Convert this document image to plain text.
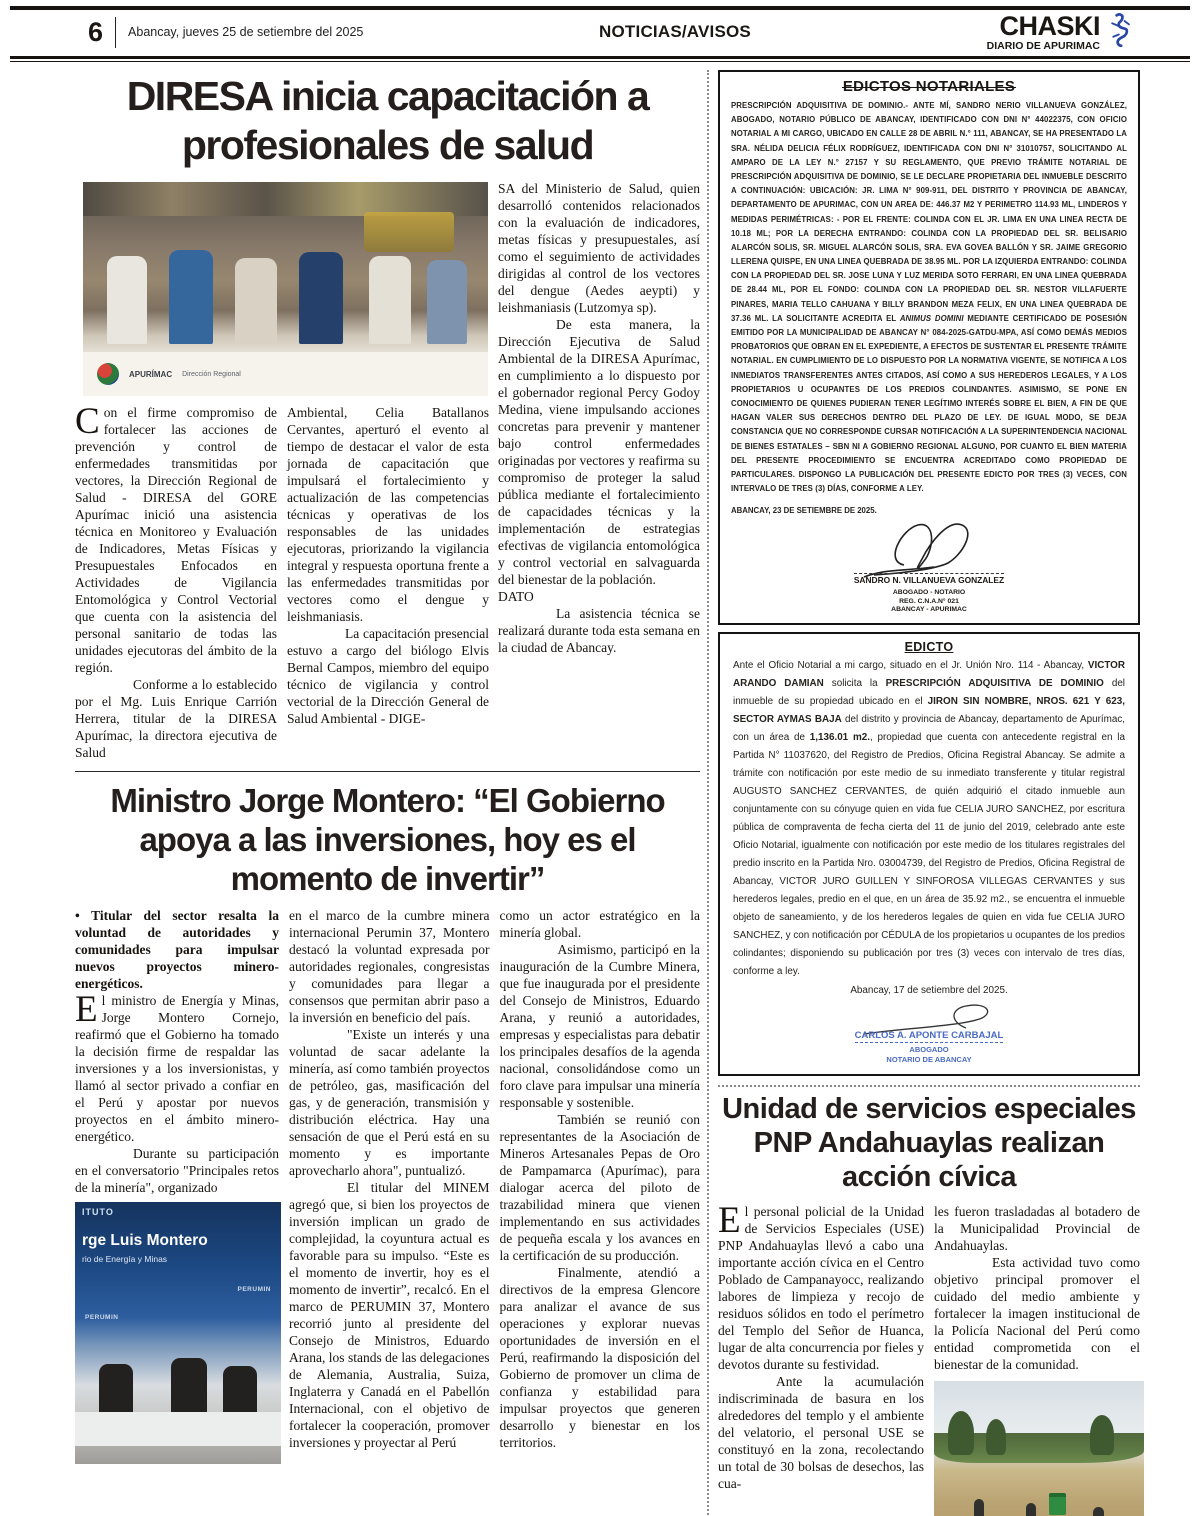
6	Abancay, jueves 25 de setiembre del 2025	NOTICIAS/AVISOS	CHASKI
DIARIO DE APURIMAC
DIRESA inicia capacitación a profesionales de salud
APURÍMAC Dirección Regional

Con el firme compromiso de fortalecer las acciones de prevención y control de enfermedades transmitidas por vectores, la Dirección Regional de Salud - DIRESA del GORE Apurímac inició una asistencia técnica en Monitoreo y Evaluación de Indicadores, Metas Físicas y Presupuestales Enfocados en Actividades de Vigilancia Entomológica y Control Vectorial que cuenta con la asistencia del personal sanitario de todas las unidades ejecutoras del ámbito de la región.

Conforme a lo establecido por el Mg. Luis Enrique Carrión Herrera, titular de la DIRESA Apurímac, la directora ejecutiva de Salud

Ambiental, Celia Batallanos Cervantes, aperturó el evento al tiempo de destacar el valor de esta jornada de capacitación que impulsará el fortalecimiento y actualización de las competencias técnicas y operativas de los responsables de las unidades ejecutoras, priorizando la vigilancia integral y respuesta oportuna frente a las enfermedades transmitidas por vectores como el dengue y leishmaniasis.

La capacitación presencial estuvo a cargo del biólogo Elvis Bernal Campos, miembro del equipo técnico de vigilancia y control vectorial de la Dirección General de Salud Ambiental - DIGE-

SA del Ministerio de Salud, quien desarrolló contenidos relacionados con la evaluación de indicadores, metas físicas y presupuestales, así como el seguimiento de actividades dirigidas al control de los vectores del dengue (Aedes aeypti) y leishmaniasis (Lutzomya sp).

De esta manera, la Dirección Ejecutiva de Salud Ambiental de la DIRESA Apurímac, en cumplimiento a lo dispuesto por el gobernador regional Percy Godoy Medina, viene impulsando acciones concretas para prevenir y mantener bajo control enfermedades originadas por vectores y reafirma su compromiso de proteger la salud pública mediante el fortalecimiento de capacidades técnicas y la implementación de estrategias efectivas de vigilancia entomológica y control vectorial en salvaguarda del bienestar de la población.

DATO

La asistencia técnica se realizará durante toda esta semana en la ciudad de Abancay.

Ministro Jorge Montero: “El Gobierno apoya a las inversiones, hoy es el momento de invertir”

• Titular del sector resalta la voluntad de autoridades y comunidades para impulsar nuevos proyectos minero-energéticos.

El ministro de Energía y Minas, Jorge Montero Cornejo, reafirmó que el Gobierno ha tomado la decisión firme de respaldar las inversiones y a los inversionistas, y llamó al sector privado a confiar en el Perú y apostar por nuevos proyectos en el ámbito minero-energético.

Durante su participación en el conversatorio "Principales retos de la minería", organizado

ITUTO
rge Luis Montero
rio de Energía y Minas
PERUMIN
PERUMIN

en el marco de la cumbre minera internacional Perumin 37, Montero destacó la voluntad expresada por autoridades regionales, congresistas y comunidades para llegar a consensos que permitan abrir paso a la inversión en beneficio del país.

"Existe un interés y una voluntad de sacar adelante la minería, así como también proyectos de petróleo, gas, masificación del gas, y de generación, transmisión y distribución eléctrica. Hay una sensación de que el Perú está en su momento y es importante aprovecharlo ahora", puntualizó.

El titular del MINEM agregó que, si bien los proyectos de inversión implican un grado de complejidad, la coyuntura actual es favorable para su impulso. “Este es el momento de invertir, hoy es el momento de invertir”, recalcó. En el marco de PERUMIN 37, Montero recorrió junto al presidente del Consejo de Ministros, Eduardo Arana, los stands de las delegaciones de Alemania, Australia, Suiza, Inglaterra y Canadá en el Pabellón Internacional, con el objetivo de fortalecer la cooperación, promover inversiones y proyectar al Perú

como un actor estratégico en la minería global.

Asimismo, participó en la inauguración de la Cumbre Minera, que fue inaugurada por el presidente del Consejo de Ministros, Eduardo Arana, y reunió a autoridades, empresas y especialistas para debatir los principales desafíos de la agenda nacional, consolidándose como un foro clave para impulsar una minería responsable y sostenible.

También se reunió con representantes de la Asociación de Mineros Artesanales Pepas de Oro de Pampamarca (Apurímac), para dialogar acerca del piloto de trazabilidad minera que vienen implementando en sus actividades de pequeña escala y los avances en la certificación de su producción.

Finalmente, atendió a directivos de la empresa Glencore para analizar el avance de sus operaciones y explorar nuevas oportunidades de inversión en el Perú, reafirmando la disposición del Gobierno de promover un clima de confianza y estabilidad para impulsar proyectos que generen desarrollo y bienestar en los territorios.

EDICTOS NOTARIALES
PRESCRIPCIÓN ADQUISITIVA DE DOMINIO.- ANTE MÍ, SANDRO NERIO VILLANUEVA GONZÁLEZ, ABOGADO, NOTARIO PÚBLICO DE ABANCAY, IDENTIFICADO CON DNI N° 44022375, CON OFICIO NOTARIAL A MI CARGO, UBICADO EN CALLE 28 DE ABRIL N.° 111, ABANCAY, SE HA PRESENTADO LA SRA. NÉLIDA DELICIA FÉLIX RODRÍGUEZ, IDENTIFICADA CON DNI N° 31010757, SOLICITANDO AL AMPARO DE LA LEY N.° 27157 Y SU REGLAMENTO, QUE PREVIO TRÁMITE NOTARIAL DE PRESCRIPCIÓN ADQUISITIVA DE DOMINIO, SE LE DECLARE PROPIETARIA DEL INMUEBLE DESCRITO A CONTINUACIÓN: UBICACIÓN: JR. LIMA N° 909-911, DEL DISTRITO Y PROVINCIA DE ABANCAY, DEPARTAMENTO DE APURIMAC, CON UN AREA DE: 446.37 M2 Y PERIMETRO 114.93 ML, LINDEROS Y MEDIDAS PERIMÉTRICAS: - POR EL FRENTE: COLINDA CON EL JR. LIMA EN UNA LINEA RECTA DE 10.18 ML; POR LA DERECHA ENTRANDO: COLINDA CON LA PROPIEDAD DEL SR. BELISARIO ALARCÓN SOLIS, SR. MIGUEL ALARCÓN SOLIS, SRA. EVA GOVEA BALLÓN Y SR. JAIME GREGORIO LLERENA QUISPE, EN UNA LINEA QUEBRADA DE 38.95 ML. POR LA IZQUIERDA ENTRANDO: COLINDA CON LA PROPIEDAD DEL SR. JOSE LUNA Y LUZ MERIDA SOTO FERRARI, EN UNA LINEA QUEBRADA DE 28.44 ML, POR EL FONDO: COLINDA CON LA PROPIEDAD DEL SR. NESTOR VILLAFUERTE PINARES, MARIA TELLO CAHUANA Y BILLY BRANDON MEZA FELIX, EN UNA LINEA QUEBRADA DE 37.36 ML. LA SOLICITANTE ACREDITA EL ANIMUS DOMINI MEDIANTE CERTIFICADO DE POSESIÓN EMITIDO POR LA MUNICIPALIDAD DE ABANCAY N° 084-2025-GATDU-MPA, ASÍ COMO DEMÁS MEDIOS PROBATORIOS QUE OBRAN EN EL EXPEDIENTE, A EFECTOS DE SUSTENTAR EL PRESENTE TRÁMITE NOTARIAL. EN CUMPLIMIENTO DE LO DISPUESTO POR LA NORMATIVA VIGENTE, SE NOTIFICA A LOS INMEDIATOS TRANSFERENTES ANTES CITADOS, ASÍ COMO A SUS HEREDEROS LEGALES, Y A LOS PROPIETARIOS U OCUPANTES DE LOS PREDIOS COLINDANTES. ASIMISMO, SE PONE EN CONOCIMIENTO DE QUIENES PUDIERAN TENER LEGÍTIMO INTERÉS SOBRE EL BIEN, A FIN DE QUE HAGAN VALER SUS DERECHOS DENTRO DEL PLAZO DE LEY. DE IGUAL MODO, SE DEJA CONSTANCIA QUE NO CORRESPONDE CURSAR NOTIFICACIÓN A LA SUPERINTENDENCIA NACIONAL DE BIENES ESTATALES – SBN NI A GOBIERNO REGIONAL ALGUNO, POR CUANTO EL BIEN MATERIA DEL PRESENTE PROCEDIMIENTO SE ENCUENTRA ACREDITADO COMO PROPIEDAD DE PARTICULARES. DISPONGO LA PUBLICACIÓN DEL PRESENTE EDICTO POR TRES (3) VECES, CON INTERVALO DE TRES (3) DÍAS, CONFORME A LEY.
ABANCAY, 23 DE SETIEMBRE DE 2025.
SANDRO N. VILLANUEVA GONZALEZ
ABOGADO - NOTARIO
REG. C.N.A.N° 021
ABANCAY - APURIMAC
EDICTO
Ante el Oficio Notarial a mi cargo, situado en el Jr. Unión Nro. 114 - Abancay, VICTOR ARANDO DAMIAN solicita la PRESCRIPCIÓN ADQUISITIVA DE DOMINIO del inmueble de su propiedad ubicado en el JIRON SIN NOMBRE, NROS. 621 Y 623, SECTOR AYMAS BAJA del distrito y provincia de Abancay, departamento de Apurímac, con un área de 1,136.01 m2., propiedad que cuenta con antecedente registral en la Partida N° 11037620, del Registro de Predios, Oficina Registral Abancay. Se admite a trámite con notificación por este medio de su inmediato transferente y titular registral AUGUSTO SANCHEZ CERVANTES, de quién adquirió el citado inmueble aun conjuntamente con su cónyuge quien en vida fue CELIA JURO SANCHEZ, por escritura pública de compraventa de fecha cierta del 11 de junio del 2019, celebrado ante este Oficio Notarial, igualmente con notificación por este medio de los titulares registrales del predio inscrito en la Partida Nro. 03004739, del Registro de Predios, Oficina Registral de Abancay, VICTOR JURO GUILLEN Y SINFOROSA VILLEGAS CERVANTES y sus herederos legales, predio en el que, en un área de 35.92 m2., se encuentra el inmueble objeto de saneamiento, y de los herederos legales de quien en vida fue CELIA JURO SANCHEZ, y con notificación por CÉDULA de los propietarios u ocupantes de los predios colindantes; disponiendo su publicación por tres (3) veces con intervalo de tres días, conforme a ley.
Abancay, 17 de setiembre del 2025.
CARLOS A. APONTE CARBAJAL
ABOGADO
NOTARIO DE ABANCAY
Unidad de servicios especiales PNP Andahuaylas realizan acción cívica

El personal policial de la Unidad de Servicios Especiales (USE) PNP Andahuaylas llevó a cabo una importante acción cívica en el Centro Poblado de Campanayocc, realizando labores de limpieza y recojo de residuos sólidos en todo el perímetro del Templo del Señor de Huanca, lugar de alta concurrencia por fieles y devotos durante su festividad.

Ante la acumulación indiscriminada de basura en los alrededores del templo y el ambiente del velatorio, el personal USE se constituyó en la zona, recolectando un total de 30 bolsas de desechos, las cua-

les fueron trasladadas al botadero de la Municipalidad Provincial de Andahuaylas.

Esta actividad tuvo como objetivo principal promover el cuidado del medio ambiente y fortalecer la imagen institucional de la Policía Nacional del Perú como entidad comprometida con el bienestar de la comunidad.
